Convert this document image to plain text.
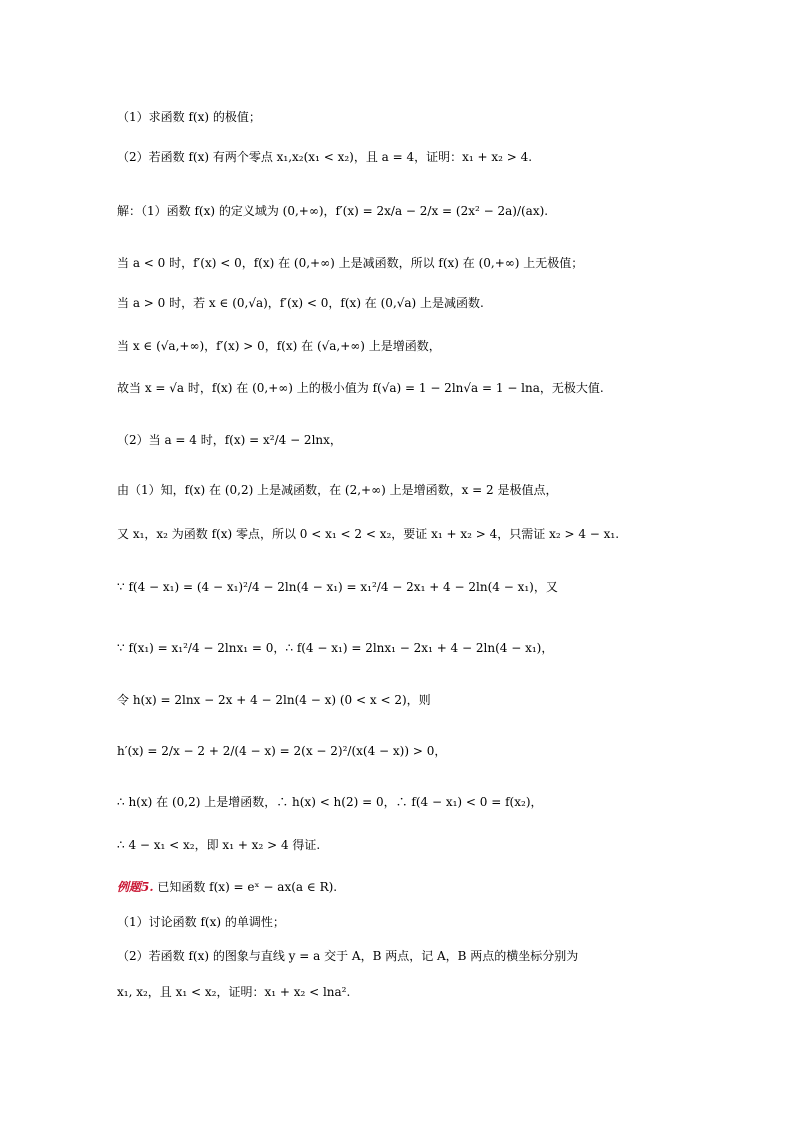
（1）求函数 f(x) 的极值；
（2）若函数 f(x) 有两个零点 x₁,x₂(x₁ < x₂)，且 a = 4，证明：x₁ + x₂ > 4.
解：（1）函数 f(x) 的定义域为 (0,+∞)，f′(x) = 2x/a − 2/x = (2x² − 2a)/(ax).
当 a < 0 时，f′(x) < 0，f(x) 在 (0,+∞) 上是减函数，所以 f(x) 在 (0,+∞) 上无极值；
当 a > 0 时，若 x ∈ (0,√a)，f′(x) < 0，f(x) 在 (0,√a) 上是减函数.
当 x ∈ (√a,+∞)，f′(x) > 0，f(x) 在 (√a,+∞) 上是增函数，
故当 x = √a 时，f(x) 在 (0,+∞) 上的极小值为 f(√a) = 1 − 2ln√a = 1 − lna，无极大值.
（2）当 a = 4 时，f(x) = x²/4 − 2lnx，
由（1）知，f(x) 在 (0,2) 上是减函数，在 (2,+∞) 上是增函数，x = 2 是极值点，
又 x₁，x₂ 为函数 f(x) 零点，所以 0 < x₁ < 2 < x₂，要证 x₁ + x₂ > 4，只需证 x₂ > 4 − x₁.
∵ f(4 − x₁) = (4 − x₁)²/4 − 2ln(4 − x₁) = x₁²/4 − 2x₁ + 4 − 2ln(4 − x₁)，又
∵ f(x₁) = x₁²/4 − 2lnx₁ = 0，∴ f(4 − x₁) = 2lnx₁ − 2x₁ + 4 − 2ln(4 − x₁)，
令 h(x) = 2lnx − 2x + 4 − 2ln(4 − x) (0 < x < 2)，则
h′(x) = 2/x − 2 + 2/(4 − x) = 2(x − 2)²/(x(4 − x)) > 0，
∴ h(x) 在 (0,2) 上是增函数，∴ h(x) < h(2) = 0，∴ f(4 − x₁) < 0 = f(x₂)，
∴ 4 − x₁ < x₂，即 x₁ + x₂ > 4 得证.
例题5.
已知函数 f(x) = eˣ − ax(a ∈ R).
（1）讨论函数 f(x) 的单调性；
（2）若函数 f(x) 的图象与直线 y = a 交于 A，B 两点，记 A，B 两点的横坐标分别为
x₁, x₂，且 x₁ < x₂，证明：x₁ + x₂ < lna².
